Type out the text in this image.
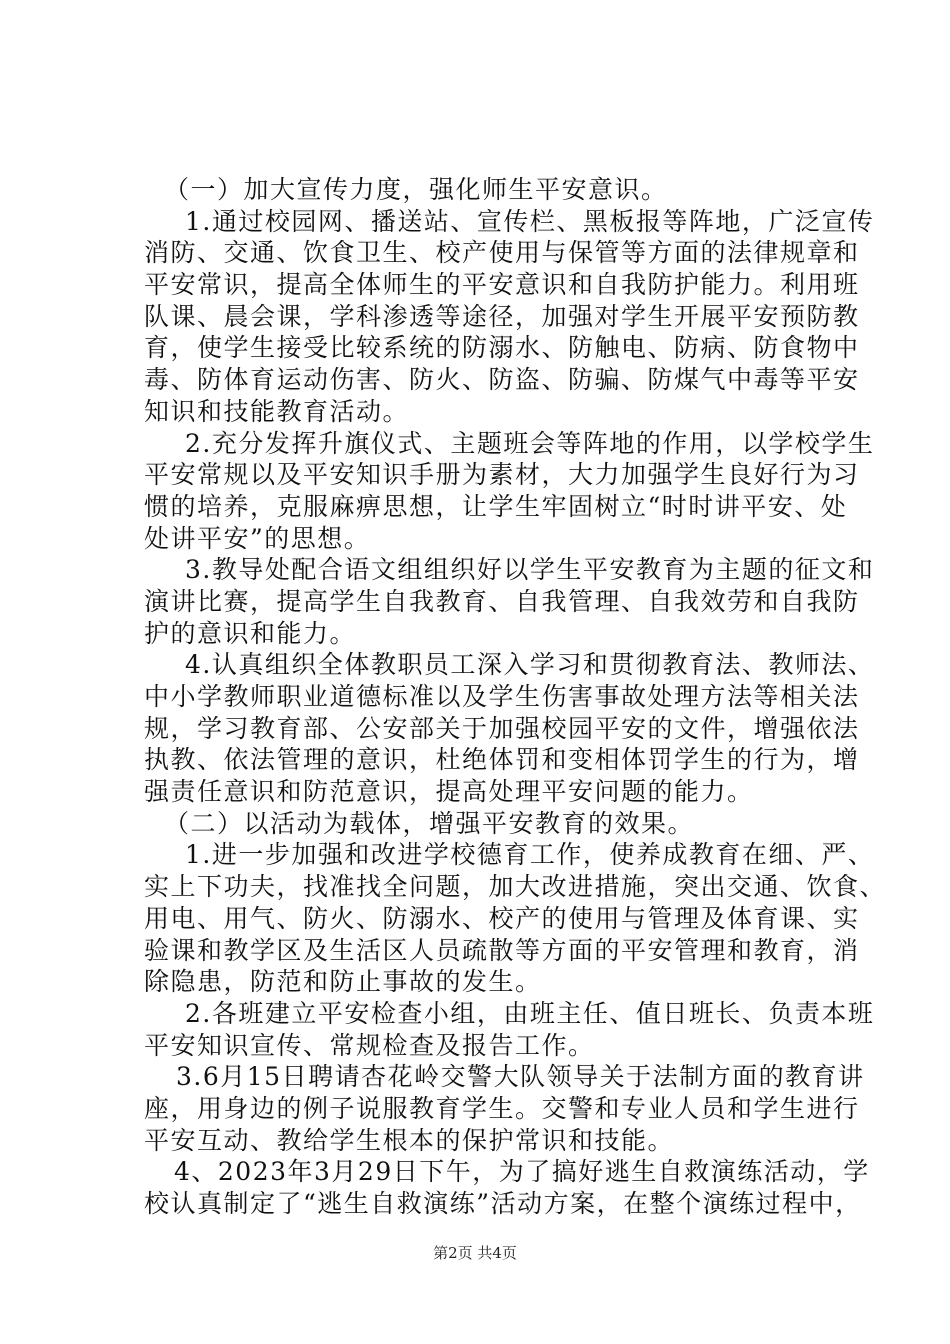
（一）加大宣传力度，强化师生平安意识。
1.通过校园网、播送站、宣传栏、黑板报等阵地，广泛宣传
消防、交通、饮食卫生、校产使用与保管等方面的法律规章和
平安常识，提高全体师生的平安意识和自我防护能力。利用班
队课、晨会课，学科渗透等途径，加强对学生开展平安预防教
育，使学生接受比较系统的防溺水、防触电、防病、防食物中
毒、防体育运动伤害、防火、防盗、防骗、防煤气中毒等平安
知识和技能教育活动。
2.充分发挥升旗仪式、主题班会等阵地的作用，以学校学生
平安常规以及平安知识手册为素材，大力加强学生良好行为习
惯的培养，克服麻痹思想，让学生牢固树立“时时讲平安、处
处讲平安”的思想。
3.教导处配合语文组组织好以学生平安教育为主题的征文和
演讲比赛，提高学生自我教育、自我管理、自我效劳和自我防
护的意识和能力。
4.认真组织全体教职员工深入学习和贯彻教育法、教师法、
中小学教师职业道德标准以及学生伤害事故处理方法等相关法
规，学习教育部、公安部关于加强校园平安的文件，增强依法
执教、依法管理的意识，杜绝体罚和变相体罚学生的行为，增
强责任意识和防范意识，提高处理平安问题的能力。
（二）以活动为载体，增强平安教育的效果。
1.进一步加强和改进学校德育工作，使养成教育在细、严、
实上下功夫，找准找全问题，加大改进措施，突出交通、饮食、
用电、用气、防火、防溺水、校产的使用与管理及体育课、实
验课和教学区及生活区人员疏散等方面的平安管理和教育，消
除隐患，防范和防止事故的发生。
2.各班建立平安检查小组，由班主任、值日班长、负责本班
平安知识宣传、常规检查及报告工作。
3.6月15日聘请杏花岭交警大队领导关于法制方面的教育讲
座，用身边的例子说服教育学生。交警和专业人员和学生进行
平安互动、教给学生根本的保护常识和技能。
4、2023年3月29日下午，为了搞好逃生自救演练活动，学
校认真制定了“逃生自救演练”活动方案，在整个演练过程中，
第2页 共4页
